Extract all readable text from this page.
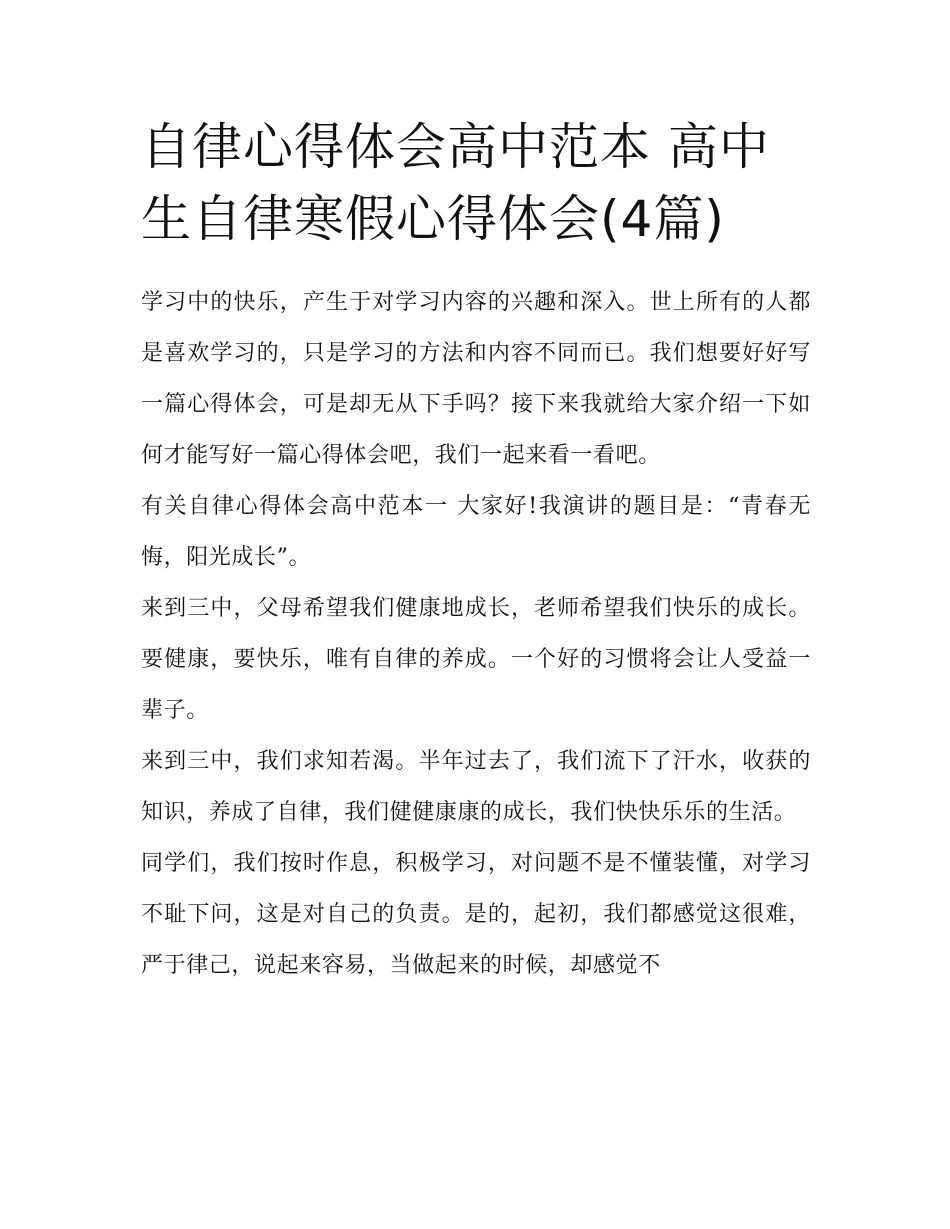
自律心得体会高中范本 高中生自律寒假心得体会(4篇)

学习中的快乐，产生于对学习内容的兴趣和深入。世上所有的人都是喜欢学习的，只是学习的方法和内容不同而已。我们想要好好写一篇心得体会，可是却无从下手吗？接下来我就给大家介绍一下如何才能写好一篇心得体会吧，我们一起来看一看吧。

有关自律心得体会高中范本一 大家好!我演讲的题目是：“青春无悔，阳光成长”。

来到三中，父母希望我们健康地成长，老师希望我们快乐的成长。要健康，要快乐，唯有自律的养成。一个好的习惯将会让人受益一辈子。

来到三中，我们求知若渴。半年过去了，我们流下了汗水，收获的知识，养成了自律，我们健健康康的成长，我们快快乐乐的生活。

同学们，我们按时作息，积极学习，对问题不是不懂装懂，对学习不耻下问，这是对自己的负责。是的，起初，我们都感觉这很难，严于律己，说起来容易，当做起来的时候，却感觉不
